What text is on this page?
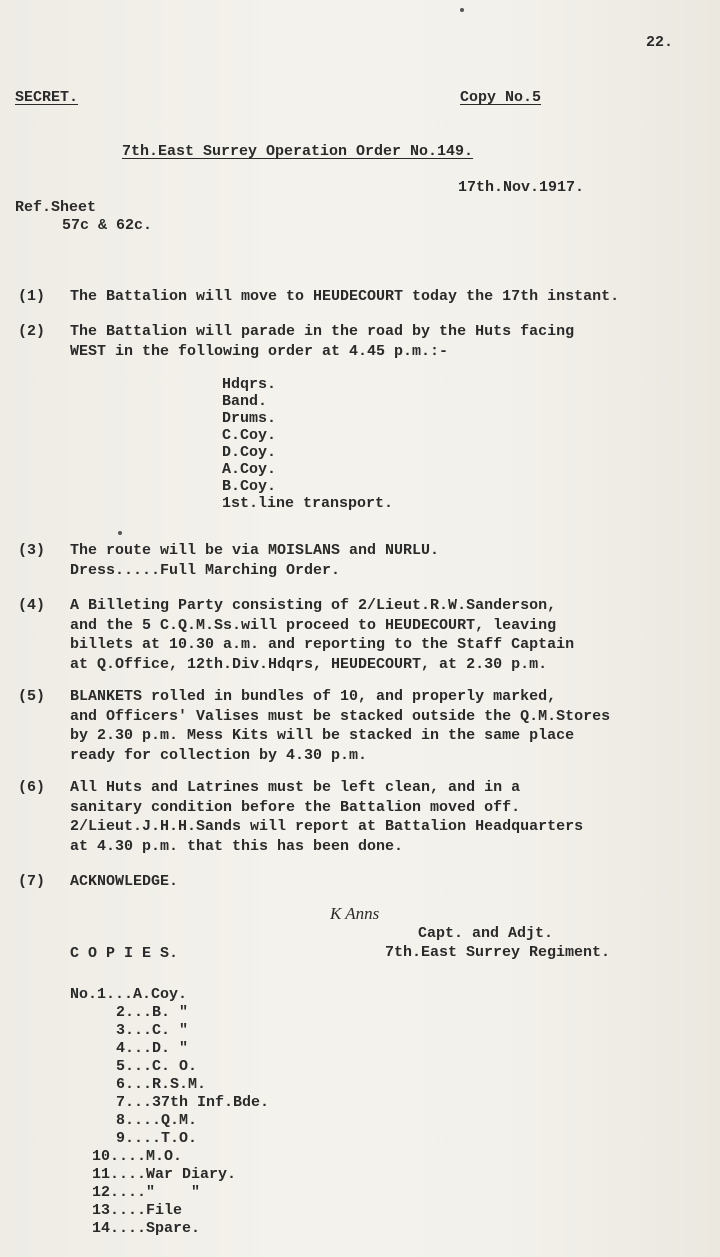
22.
SECRET.	Copy No.5
7th.East Surrey Operation Order No.149.
17th.Nov.1917.
Ref.Sheet
57c & 62c.
(1) The Battalion will move to HEUDECOURT today the 17th instant.
(2) The Battalion will parade in the road by the Huts facing
WEST in the following order at 4.45 p.m.:-
Hdqrs.
Band.
Drums.
C.Coy.
D.Coy.
A.Coy.
B.Coy.
1st.line transport.
(3) The route will be via MOISLANS and NURLU.
Dress.....Full Marching Order.
(4) A Billeting Party consisting of 2/Lieut.R.W.Sanderson,
and the 5 C.Q.M.Ss.will proceed to HEUDECOURT, leaving
billets at 10.30 a.m. and reporting to the Staff Captain
at Q.Office, 12th.Div.Hdqrs, HEUDECOURT, at 2.30 p.m.
(5) BLANKETS rolled in bundles of 10, and properly marked,
and Officers' Valises must be stacked outside the Q.M.Stores
by 2.30 p.m. Mess Kits will be stacked in the same place
ready for collection by 4.30 p.m.
(6) All Huts and Latrines must be left clean, and in a
sanitary condition before the Battalion moved off.
2/Lieut.J.H.H.Sands will report at Battalion Headquarters
at 4.30 p.m. that this has been done.
(7) ACKNOWLEDGE.
K Anns
Capt. and Adjt.
7th.East Surrey Regiment.
C O P I E S.
No.1...A.Coy.
2...B. "
3...C. "
4...D. "
5...C. O.
6...R.S.M.
7...37th Inf.Bde.
8....Q.M.
9....T.O.
10....M.O.
11....War Diary.
12...."    "
13....File
14....Spare.
